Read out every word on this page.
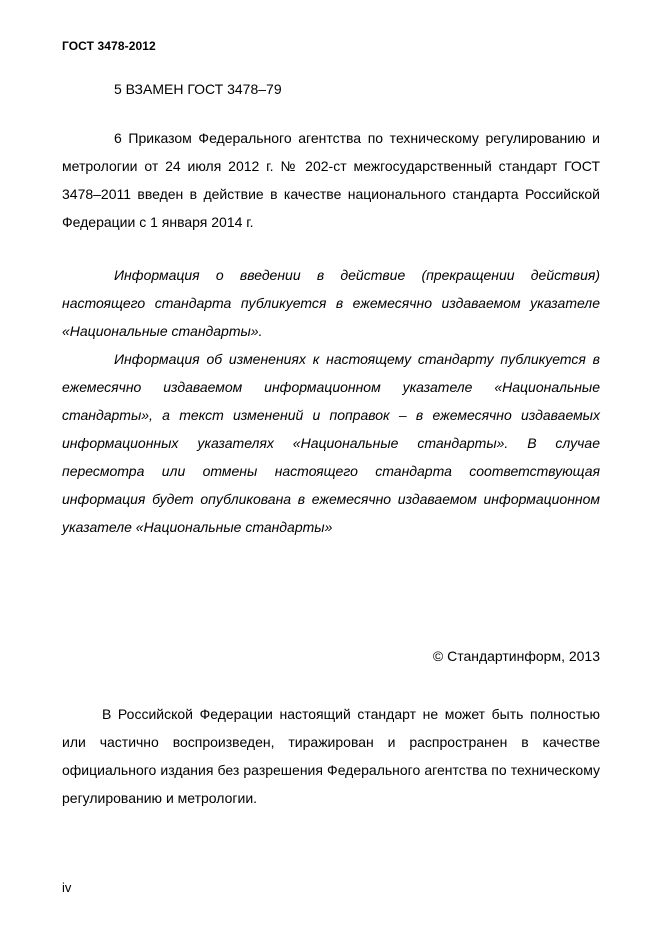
ГОСТ 3478-2012

5 ВЗАМЕН ГОСТ 3478–79

6 Приказом Федерального агентства по техническому регулированию и метрологии от 24 июля 2012 г. № 202-ст межгосударственный стандарт ГОСТ 3478–2011 введен в действие в качестве национального стандарта Российской Федерации с 1 января 2014 г.

Информация о введении в действие (прекращении действия) настоящего стандарта публикуется в ежемесячно издаваемом указателе «Национальные стандарты».

Информация об изменениях к настоящему стандарту публикуется в ежемесячно издаваемом информационном указателе «Национальные стандарты», а текст изменений и поправок – в ежемесячно издаваемых информационных указателях «Национальные стандарты». В случае пересмотра или отмены настоящего стандарта соответствующая информация будет опубликована в ежемесячно издаваемом информационном указателе «Национальные стандарты»

© Стандартинформ, 2013

В Российской Федерации настоящий стандарт не может быть полностью или частично воспроизведен, тиражирован и распространен в качестве официального издания без разрешения Федерального агентства по техническому регулированию и метрологии.

iv
